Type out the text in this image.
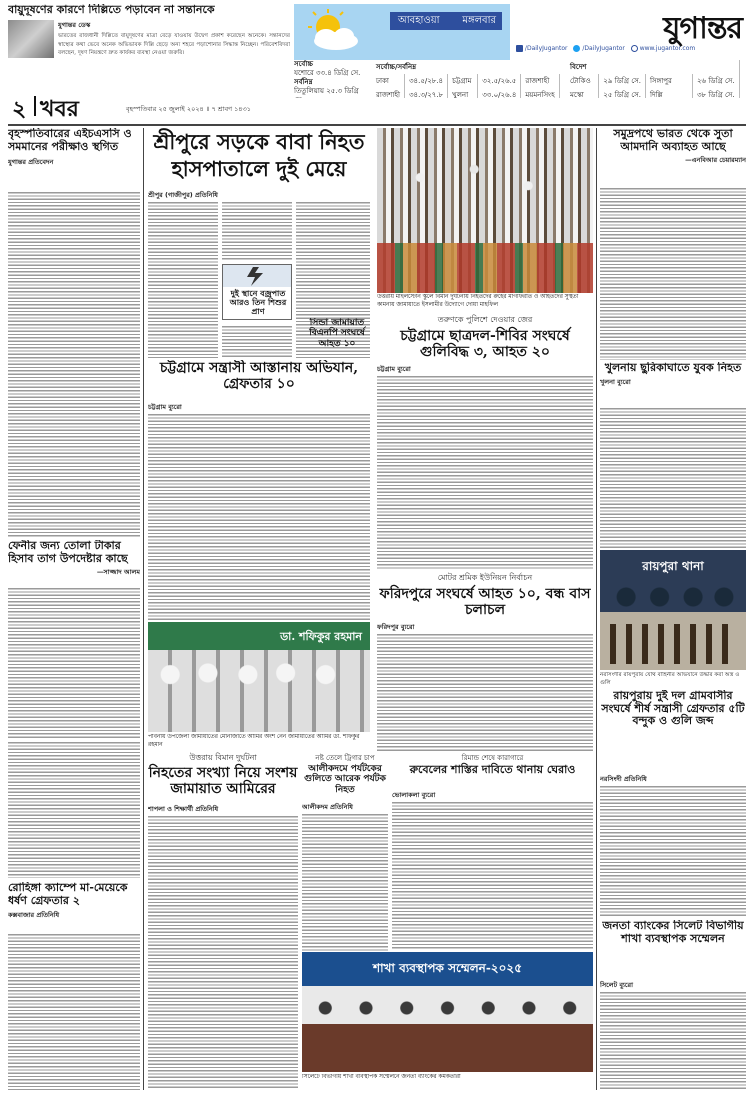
বায়ুদূষণের কারণে দিল্লিতে পড়াবেন না সন্তানকে
যুগান্তর ডেস্ক
ভারতের রাজধানী দিল্লিতে বায়ুদূষণের মাত্রা বেড়ে যাওয়ায় উদ্বেগ প্রকাশ করেছেন অনেকে। সন্তানদের স্বাস্থ্যের কথা ভেবে অনেক অভিভাবক দিল্লি ছেড়ে অন্য শহরে পড়াশোনার সিদ্ধান্ত নিচ্ছেন। পরিবেশবিদরা বলছেন, দূষণ নিয়ন্ত্রণে দ্রুত কার্যকর ব্যবস্থা নেওয়া জরুরি।
আবহাওয়া মঙ্গলবার	যুগান্তর
/DailyJugantor /DailyJugantor www.jugantor.com
সর্বোচ্চ
যশোরে ৩৩.৪ ডিগ্রি সে.
সর্বনিম্ন
তিতুলিয়ায় ২৫.৩ ডিগ্রি
সর্বোচ্চ/সর্বনিম্ন					
ঢাকা	৩৪.৫/২৮.৪	চট্টগ্রাম	৩২.৫/২৬.৫	রাজশাহী	
রাজশাহী	৩৪.৩/২৭.৮	খুলনা	৩৩.০/২৬.৪	ময়মনসিংহ	

বিদেশ			
টোকিও	২৯ ডিগ্রি সে.	সিঙ্গাপুর	২৬ ডিগ্রি সে.
মস্কো	২৫ ডিগ্রি সে.	দিল্লি	৩৮ ডিগ্রি সে.

২ খবর	বৃহস্পতিবার ২৫ জুলাই ২০২৪ ॥ ৭ শ্রাবণ ১৪৩১
বৃহস্পতিবারের এইচএসসি ও সমমানের পরীক্ষাও স্থগিত
যুগান্তর প্রতিবেদন
ফেনীর জন্য তোলা টাকার হিসাব তাগ উপদেষ্টার কাছে
—সাজ্জাদ আলম
রোহিঙ্গা ক্যাম্পে মা-মেয়েকে ধর্ষণ গ্রেফতার ২
কক্সবাজার প্রতিনিধি
শ্রীপুরে সড়কে বাবা নিহত হাসপাতালে দুই মেয়ে
শ্রীপুর (গাজীপুর) প্রতিনিধি
দুই স্থানে বজ্রপাত আরও তিন শিশুর প্রাণ
উত্তরায় মাইলস্টোন স্কুলে বিমান দুর্ঘটনায় নিহতদের রুহের মাগফিরাত ও আহতদের সুস্থতা কামনায় জামায়াতে ইসলামীর উদ্যোগে দোয়া মাহফিল
তরুণকে পুলিশে দেওয়ার জের
চট্টগ্রামে ছাত্রদল-শিবির সংঘর্ষে গুলিবিদ্ধ ৩, আহত ২০
চট্টগ্রাম ব্যুরো
চট্টগ্রামে সন্ত্রাসী আস্তানায় অভিযান, গ্রেফতার ১০
চট্টগ্রাম ব্যুরো
সিন্ডা জামায়াত বিএনপি সংঘর্ষে আহত ১০
ডা. শফিকুর রহমান
পাবনায় উপজেলা জামায়াতের মোনাজাতে আমির অংশ নেন জামায়াতের আমির ডা. শফিকুর রহমান
মোটর শ্রমিক ইউনিয়ন নির্বাচন
ফরিদপুরে সংঘর্ষে আহত ১০, বন্ধ বাস চলাচল
ফরিদপুর ব্যুরো
উত্তরায় বিমান দুর্ঘটনা
নিহতের সংখ্যা নিয়ে সংশয় জামায়াত আমিরের
শাপলা ও শিক্ষার্থী প্রতিনিধি
নষ্ট তেলে ট্রিগার চাপ
আলীকদমে পর্যটকের গুলিতে আরেক পর্যটক নিহত
আলীকদম প্রতিনিধি
রিমান্ড শেষে কারাগারে
রুবেলের শাস্তির দাবিতে থানায় ঘেরাও
ভোলাকলা ব্যুরো
শাখা ব্যবস্থাপক সম্মেলন-২০২৫
সিলেটে বিভাগীয় শাখা ব্যবস্থাপক সম্মেলনে জনতা ব্যাংকের কর্মকর্তারা
সমুদ্রপথে ভারত থেকে সুতা আমদানি অব্যাহত আছে
—এনবিআর চেয়ারম্যান
খুলনায় ছুরিকাঘাতে যুবক নিহত
খুলনা ব্যুরো
রায়পুরা থানা
নরসিংদীর রায়পুরায় যৌথ বাহিনীর অভিযানে উদ্ধার করা অস্ত্র ও গুলি
রায়পুরায় দুই দল গ্রামবাসীর সংঘর্ষে শীর্ষ সন্ত্রাসী গ্রেফতার ৫টি বন্দুক ও গুলি জব্দ
নরসিংদী প্রতিনিধি
জনতা ব্যাংকের সিলেট বিভাগীয় শাখা ব্যবস্থাপক সম্মেলন
সিলেট ব্যুরো
